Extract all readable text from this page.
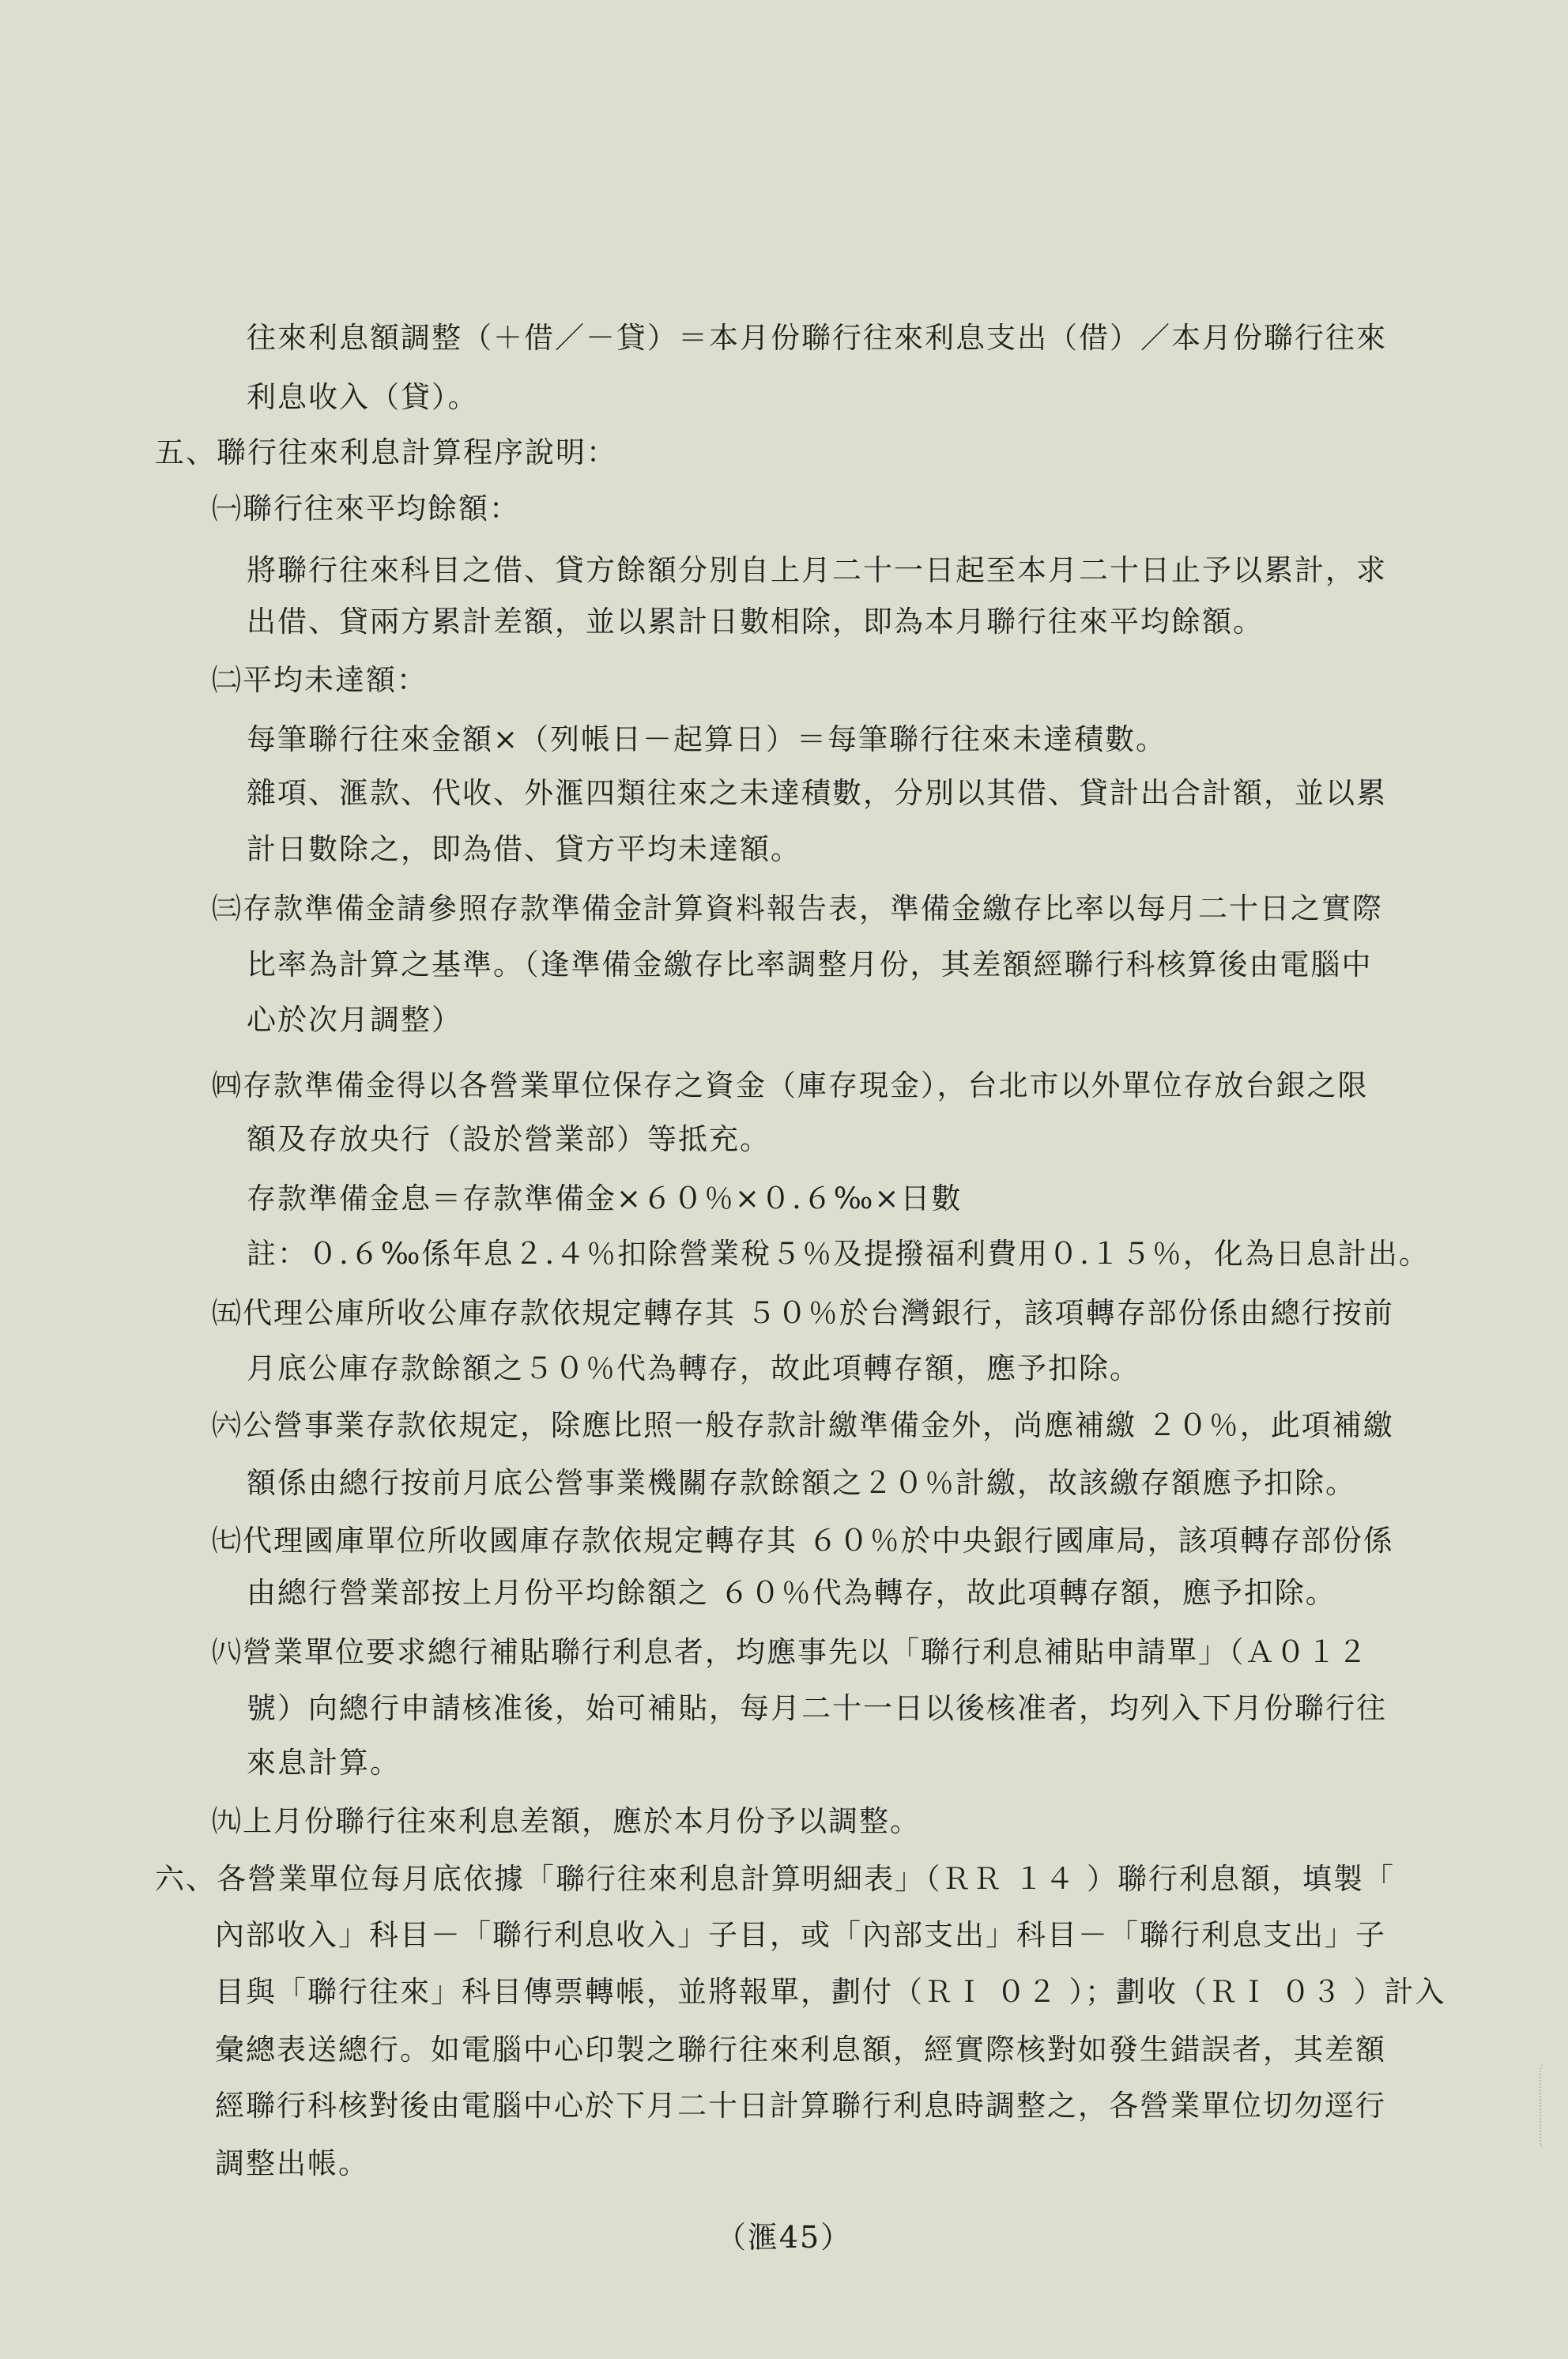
往來利息額調整（＋借／－貸）＝本月份聯行往來利息支出（借）／本月份聯行往來
利息收入（貸）。
五、聯行往來利息計算程序說明：
㈠聯行往來平均餘額：
將聯行往來科目之借、貸方餘額分別自上月二十一日起至本月二十日止予以累計，求
出借、貸兩方累計差額，並以累計日數相除，即為本月聯行往來平均餘額。
㈡平均未達額：
每筆聯行往來金額×（列帳日－起算日）＝每筆聯行往來未達積數。
雜項、滙款、代收、外滙四類往來之未達積數，分別以其借、貸計出合計額，並以累
計日數除之，即為借、貸方平均未達額。
㈢存款準備金請參照存款準備金計算資料報告表，準備金繳存比率以每月二十日之實際
比率為計算之基準。（逢準備金繳存比率調整月份，其差額經聯行科核算後由電腦中
心於次月調整）
㈣存款準備金得以各營業單位保存之資金（庫存現金），台北市以外單位存放台銀之限
額及存放央行（設於營業部）等抵充。
存款準備金息＝存款準備金×６０％×０.６‰×日數
註：０.６‰係年息２.４％扣除營業稅５％及提撥福利費用０.１５％，化為日息計出。
㈤代理公庫所收公庫存款依規定轉存其 ５０％於台灣銀行，該項轉存部份係由總行按前
月底公庫存款餘額之５０％代為轉存，故此項轉存額，應予扣除。
㈥公營事業存款依規定，除應比照一般存款計繳準備金外，尚應補繳 ２０％，此項補繳
額係由總行按前月底公營事業機關存款餘額之２０％計繳，故該繳存額應予扣除。
㈦代理國庫單位所收國庫存款依規定轉存其 ６０％於中央銀行國庫局，該項轉存部份係
由總行營業部按上月份平均餘額之 ６０％代為轉存，故此項轉存額，應予扣除。
㈧營業單位要求總行補貼聯行利息者，均應事先以「聯行利息補貼申請單」（Ａ０１２
號）向總行申請核准後，始可補貼，每月二十一日以後核准者，均列入下月份聯行往
來息計算。
㈨上月份聯行往來利息差額，應於本月份予以調整。
六、各營業單位每月底依據「聯行往來利息計算明細表」（ＲＲ １４ ）聯行利息額，填製「
內部收入」科目－「聯行利息收入」子目，或「內部支出」科目－「聯行利息支出」子
目與「聯行往來」科目傳票轉帳，並將報單，劃付（ＲＩ ０２ ）；劃收（ＲＩ ０３ ）計入
彙總表送總行。如電腦中心印製之聯行往來利息額，經實際核對如發生錯誤者，其差額
經聯行科核對後由電腦中心於下月二十日計算聯行利息時調整之，各營業單位切勿逕行
調整出帳。
（滙45）
